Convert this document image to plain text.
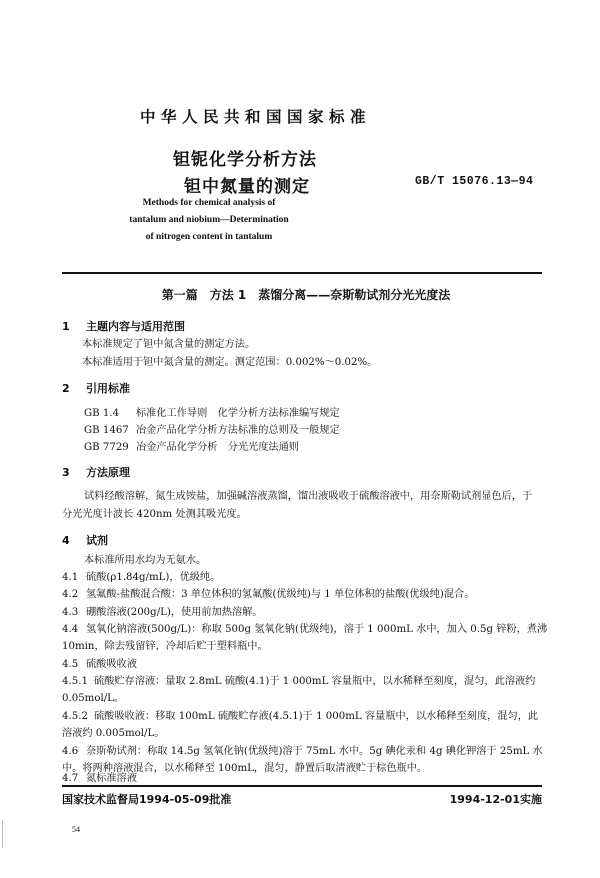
中华人民共和国国家标准
钽铌化学分析方法
钽中氮量的测定	GB/T 15076.13—94
Methods for chemical analysis of
tantalum and niobium—Determination
of nitrogen content in tantalum
第一篇　方法 1　蒸馏分离——奈斯勒试剂分光光度法
1 主题内容与适用范围
本标准规定了钽中氮含量的测定方法。
本标准适用于钽中氮含量的测定。测定范围：0.002%～0.02%。
2 引用标准
GB 1.4 标准化工作导则　化学分析方法标准编写规定
GB 1467 冶金产品化学分析方法标准的总则及一般规定
GB 7729 冶金产品化学分析　分光光度法通则
3 方法原理
试料经酸溶解，氮生成铵盐，加强碱溶液蒸馏，馏出液吸收于硫酸溶液中，用奈斯勒试剂显色后，于
分光光度计波长 420nm 处测其吸光度。
4 试剂
本标准所用水均为无氨水。
4.1 硫酸(ρ1.84g/mL)，优级纯。
4.2 氢氟酸-盐酸混合酸：3 单位体积的氢氟酸(优级纯)与 1 单位体积的盐酸(优级纯)混合。
4.3 硼酸溶液(200g/L)，使用前加热溶解。
4.4 氢氧化钠溶液(500g/L)：称取 500g 氢氧化钠(优级纯)，溶于 1 000mL 水中，加入 0.5g 锌粉，煮沸
10min，除去残留锌，冷却后贮于塑料瓶中。
4.5 硫酸吸收液
4.5.1 硫酸贮存溶液：量取 2.8mL 硫酸(4.1)于 1 000mL 容量瓶中，以水稀释至刻度，混匀，此溶液约
0.05mol/L。
4.5.2 硫酸吸收液：移取 100mL 硫酸贮存液(4.5.1)于 1 000mL 容量瓶中，以水稀释至刻度，混匀，此
溶液约 0.005mol/L。
4.6 奈斯勒试剂：称取 14.5g 氢氧化钠(优级纯)溶于 75mL 水中。5g 碘化汞和 4g 碘化钾溶于 25mL 水
中。将两种溶液混合，以水稀释至 100mL，混匀，静置后取清液贮于棕色瓶中。
4.7 氮标准溶液
国家技术监督局1994-05-09批准	1994-12-01实施
54
